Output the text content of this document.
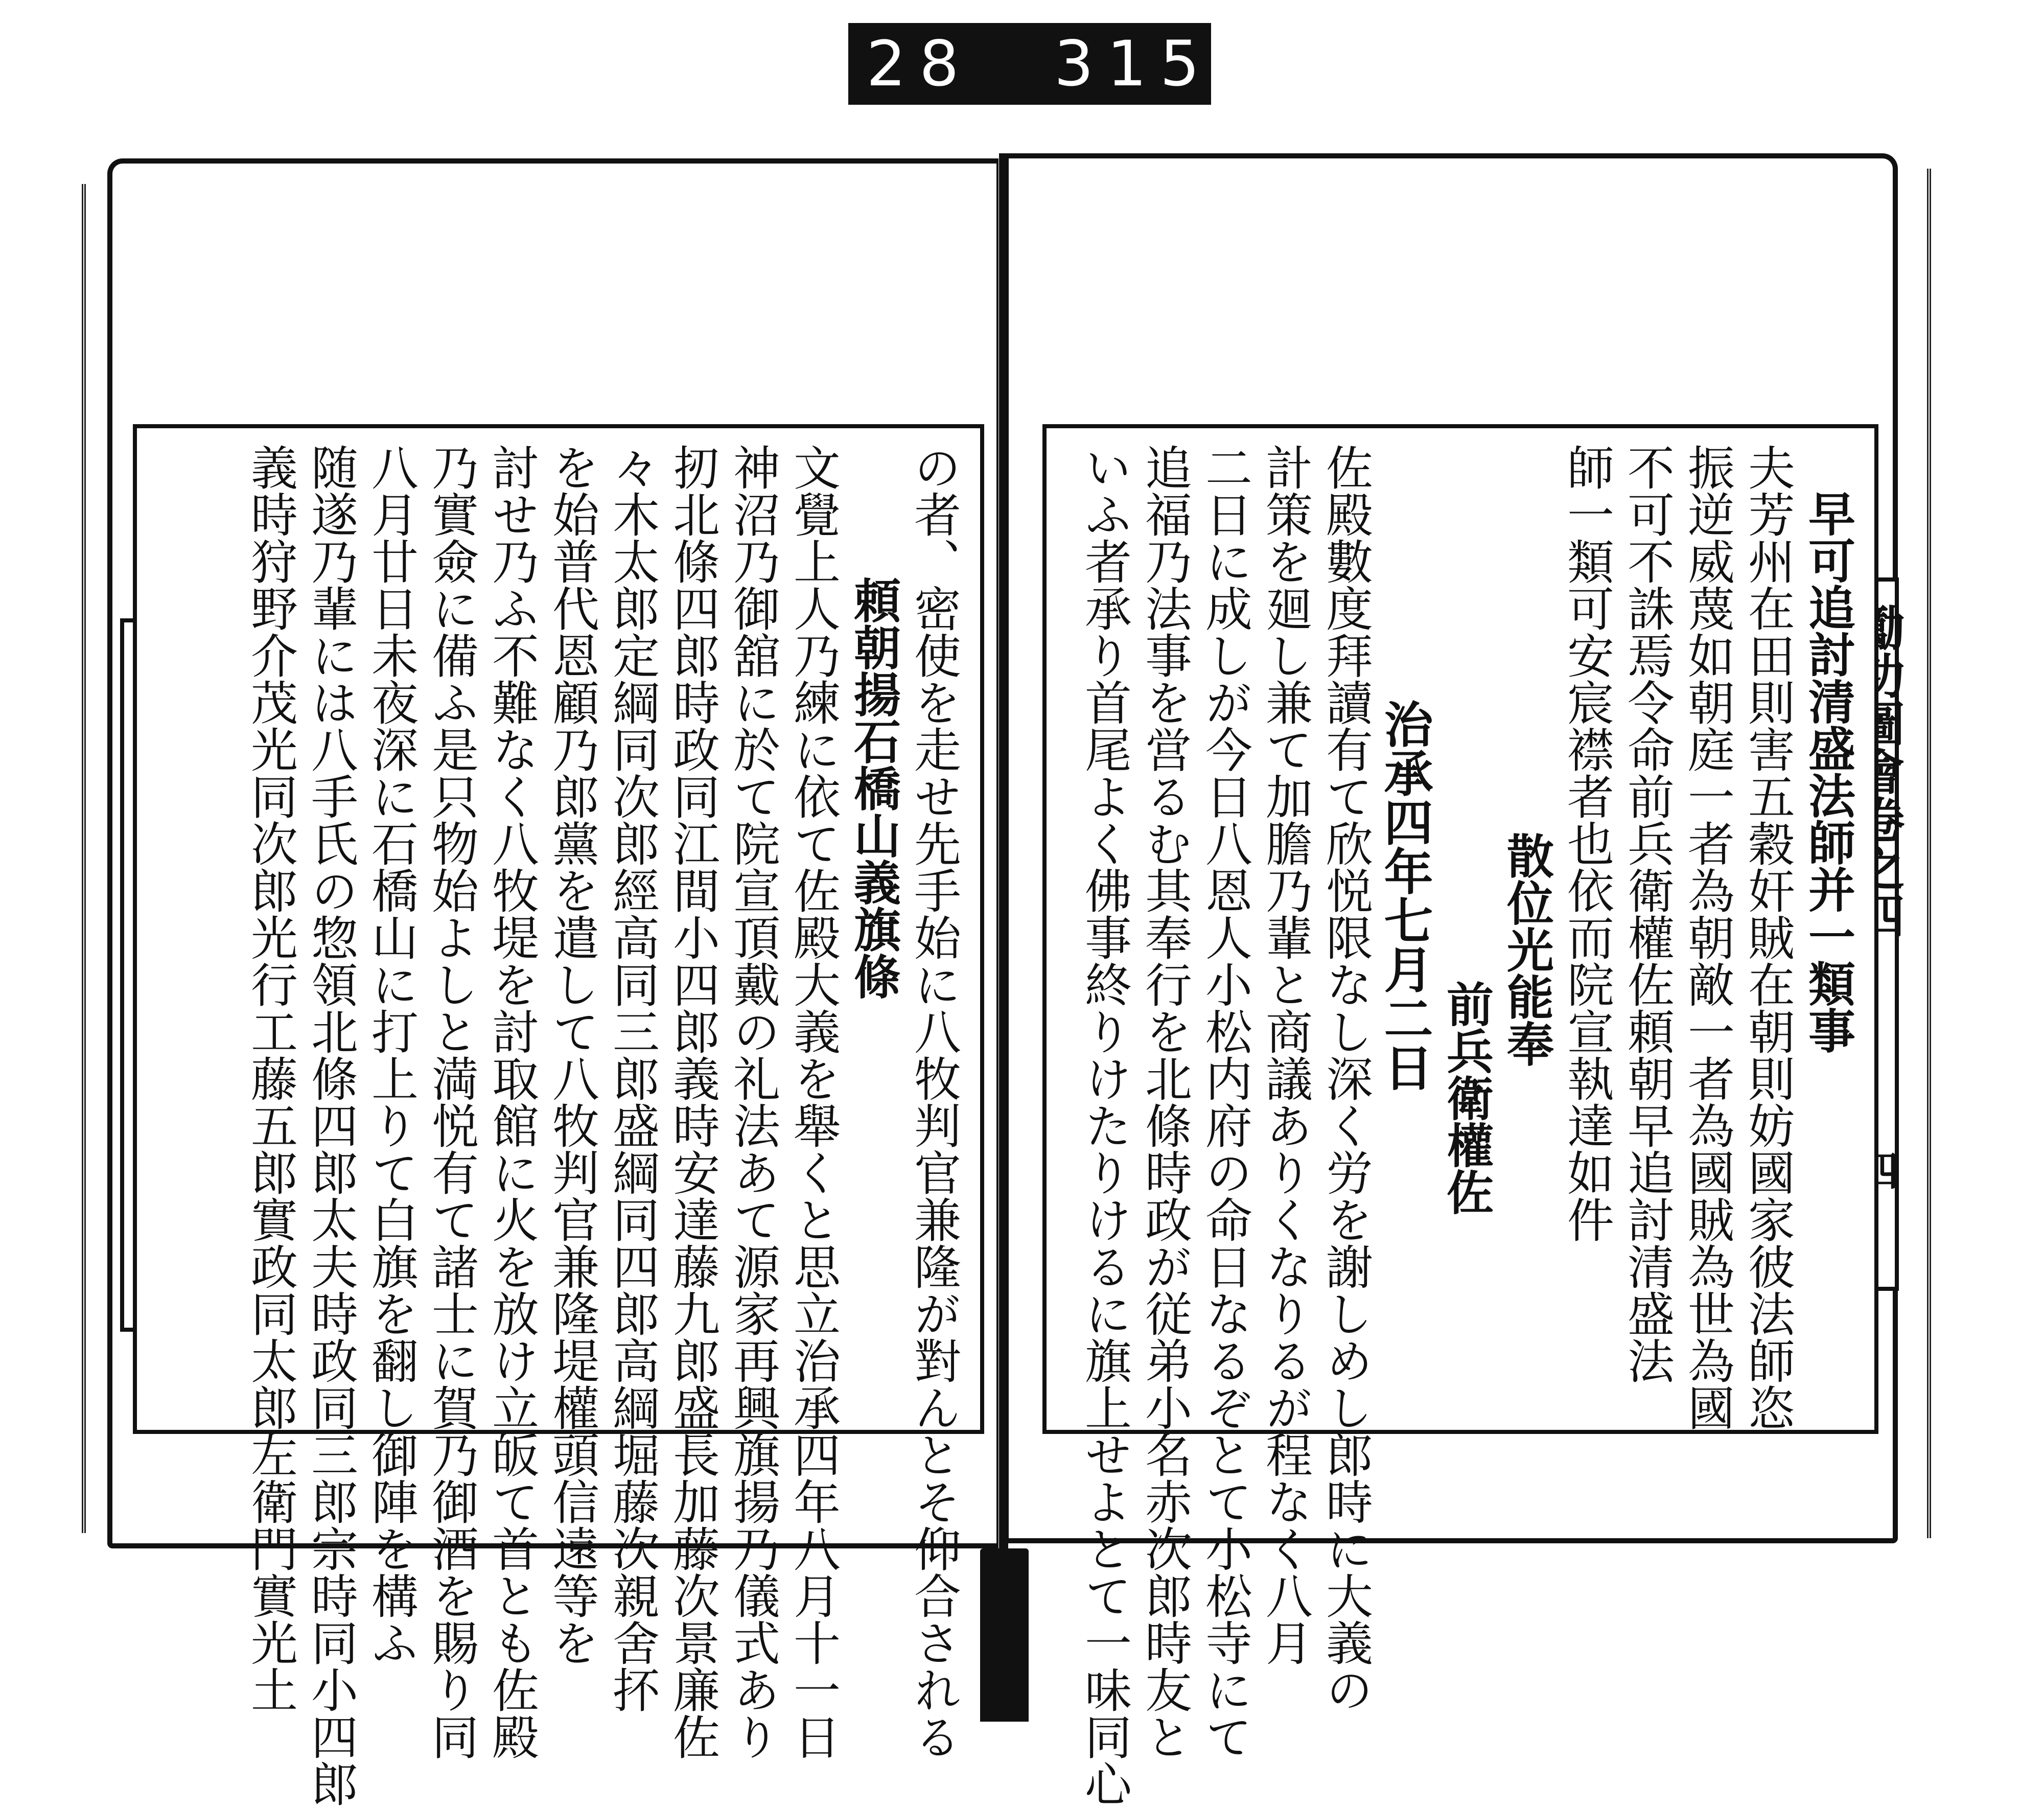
328 315.
の者、密使を走せ先手始に八牧判官兼隆が對んとそ仰合される
頼朝揚石橋山義旗條
文覺上人乃練に依て佐殿大義を舉くと思立治承四年八月十一日
神沼乃御舘に於て院宣頂戴の礼法あて源家再興旗揚乃儀式あり
扨北條四郎時政同江間小四郎義時安達藤九郎盛長加藤次景廉佐
々木太郎定綱同次郎經高同三郎盛綱同四郎高綱堀藤次親舍抔
を始普代恩顧乃郎黨を遣して八牧判官兼隆堤權頭信遠等を
討せ乃ふ不難なく八牧堤を討取館に火を放け立皈て首とも佐殿
乃實僉に備ふ是只物始よしと満悦有て諸士に賀乃御酒を賜り同
八月廿日未夜深に石橋山に打上りて白旗を翻し御陣を構ふ
随遂乃輩には八手氏の惣領北條四郎太夫時政同三郎宗時同小四郎
義時狩野介茂光同次郎光行工藤五郎實政同太郎左衛門實光土	早可追討清盛法師并一類事
夫芳州在田則害五穀奸賊在朝則妨國家彼法師恣
振逆威蔑如朝庭一者為朝敵一者為國賊為世為國
不可不誅焉令命前兵衛權佐頼朝早追討清盛法
師一類可安宸襟者也依而院宣執達如件
散位光能奉
前兵衛權佐
治承四年七月二日
佐殿數度拜讀有て欣悦限なし深く労を謝しめし郎時に大義の
計策を廻し兼て加膽乃輩と商議ありくなりるが程なく八月
二日に成しが今日八恩人小松内府の命日なるぞとて小松寺にて
追福乃法事を営るむ其奉行を北條時政が従弟小名赤次郎時友と
いふ者承り首尾よく佛事終りけたりけるに旗上せよとて一味同心
